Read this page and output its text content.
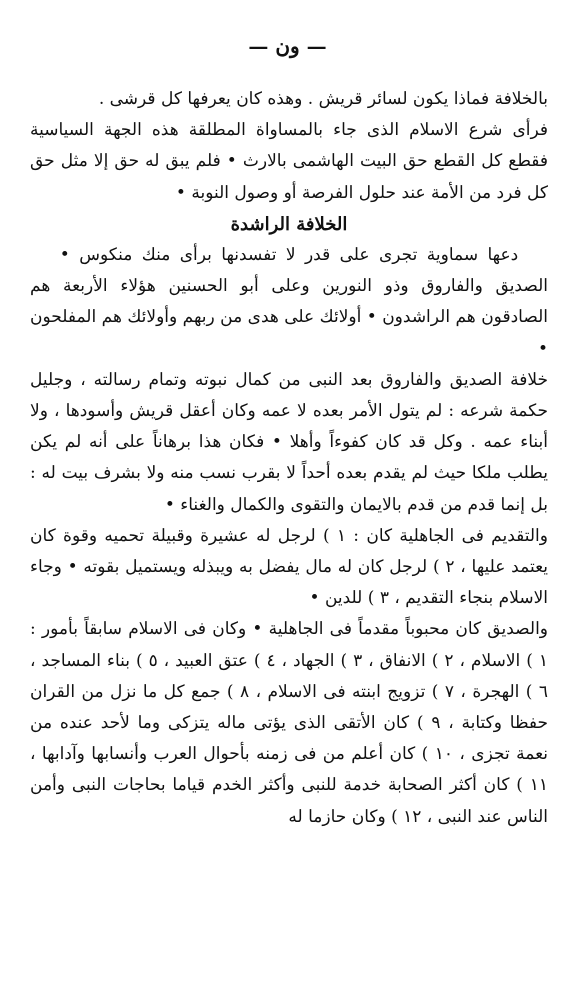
— ون —

بالخلافة فماذا يكون لسائر قريش . وهذه كان يعرفها كل قرشى .

فرأى شرع الاسلام الذى جاء بالمساواة المطلقة هذه الجهة السياسية فقطع كل القطع حق البيت الهاشمى بالارث • فلم يبق له حق إلا مثل حق كل فرد من الأمة عند حلول الفرصة أو وصول النوبة •

الخلافة الراشدة

دعها سماوية تجرى على قدر لا تفسدنها برأى منك منكوس •

الصديق والفاروق وذو النورين وعلى أبو الحسنين هؤلاء الأربعة هم الصادقون هم الراشدون • أولائك على هدى من ربهم وأولائك هم المفلحون •

خلافة الصديق والفاروق بعد النبى من كمال نبوته وتمام رسالته ، وجليل حكمة شرعه : لم يتول الأمر بعده لا عمه وكان أعقل قريش وأسودها ، ولا أبناء عمه . وكل قد كان كفوءاً وأهلا • فكان هذا برهاناً على أنه لم يكن يطلب ملكا حيث لم يقدم بعده أحداً لا بقرب نسب منه ولا بشرف بيت له : بل إنما قدم من قدم بالايمان والتقوى والكمال والغناء •

والتقديم فى الجاهلية كان : ١ ) لرجل له عشيرة وقبيلة تحميه وقوة كان يعتمد عليها ، ٢ ) لرجل كان له مال يفضل به ويبذله ويستميل بقوته • وجاء الاسلام بنجاء التقديم ، ٣ ) للدين •

والصديق كان محبوباً مقدماً فى الجاهلية • وكان فى الاسلام سابقاً بأمور : ١ ) الاسلام ، ٢ ) الانفاق ، ٣ ) الجهاد ، ٤ ) عتق العبيد ، ٥ ) بناء المساجد ، ٦ ) الهجرة ، ٧ ) تزويج ابنته فى الاسلام ، ٨ ) جمع كل ما نزل من القران حفظا وكتابة ، ٩ ) كان الأتقى الذى يؤتى ماله يتزكى وما لأحد عنده من نعمة تجزى ، ١٠ ) كان أعلم من فى زمنه بأحوال العرب وأنسابها وآدابها ، ١١ ) كان أكثر الصحابة خدمة للنبى وأكثر الخدم قياما بحاجات النبى وأمن الناس عند النبى ، ١٢ ) وكان حازما له
